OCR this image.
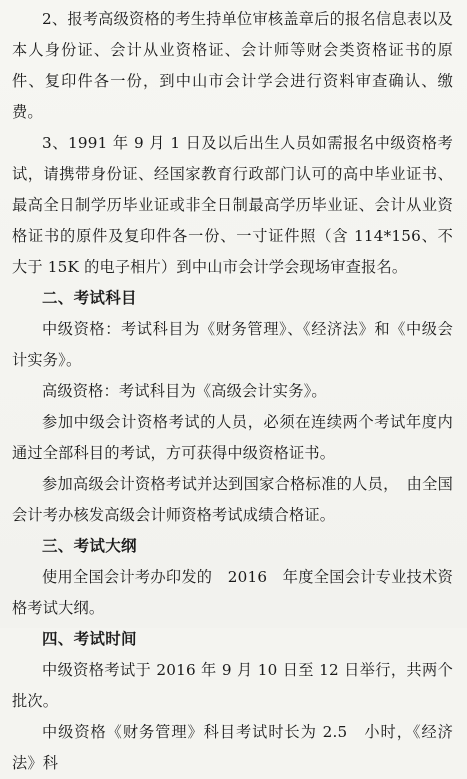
2、报考高级资格的考生持单位审核盖章后的报名信息表以及本人身份证、会计从业资格证、会计师等财会类资格证书的原件、复印件各一份，到中山市会计学会进行资料审查确认、缴费。

3、1991 年 9 月 1 日及以后出生人员如需报名中级资格考试，请携带身份证、经国家教育行政部门认可的高中毕业证书、最高全日制学历毕业证或非全日制最高学历毕业证、会计从业资格证书的原件及复印件各一份、一寸证件照（含 114*156、不大于 15K 的电子相片）到中山市会计学会现场审查报名。

二、考试科目

中级资格：考试科目为《财务管理》、《经济法》和《中级会计实务》。

高级资格：考试科目为《高级会计实务》。

参加中级会计资格考试的人员，必须在连续两个考试年度内通过全部科目的考试，方可获得中级资格证书。

参加高级会计资格考试并达到国家合格标准的人员，　由全国会计考办核发高级会计师资格考试成绩合格证。

三、考试大纲

使用全国会计考办印发的　2016　年度全国会计专业技术资格考试大纲。

四、考试时间

中级资格考试于 2016 年 9 月 10 日至 12 日举行，共两个批次。

中级资格《财务管理》科目考试时长为 2.5　小时，《经济法》科
